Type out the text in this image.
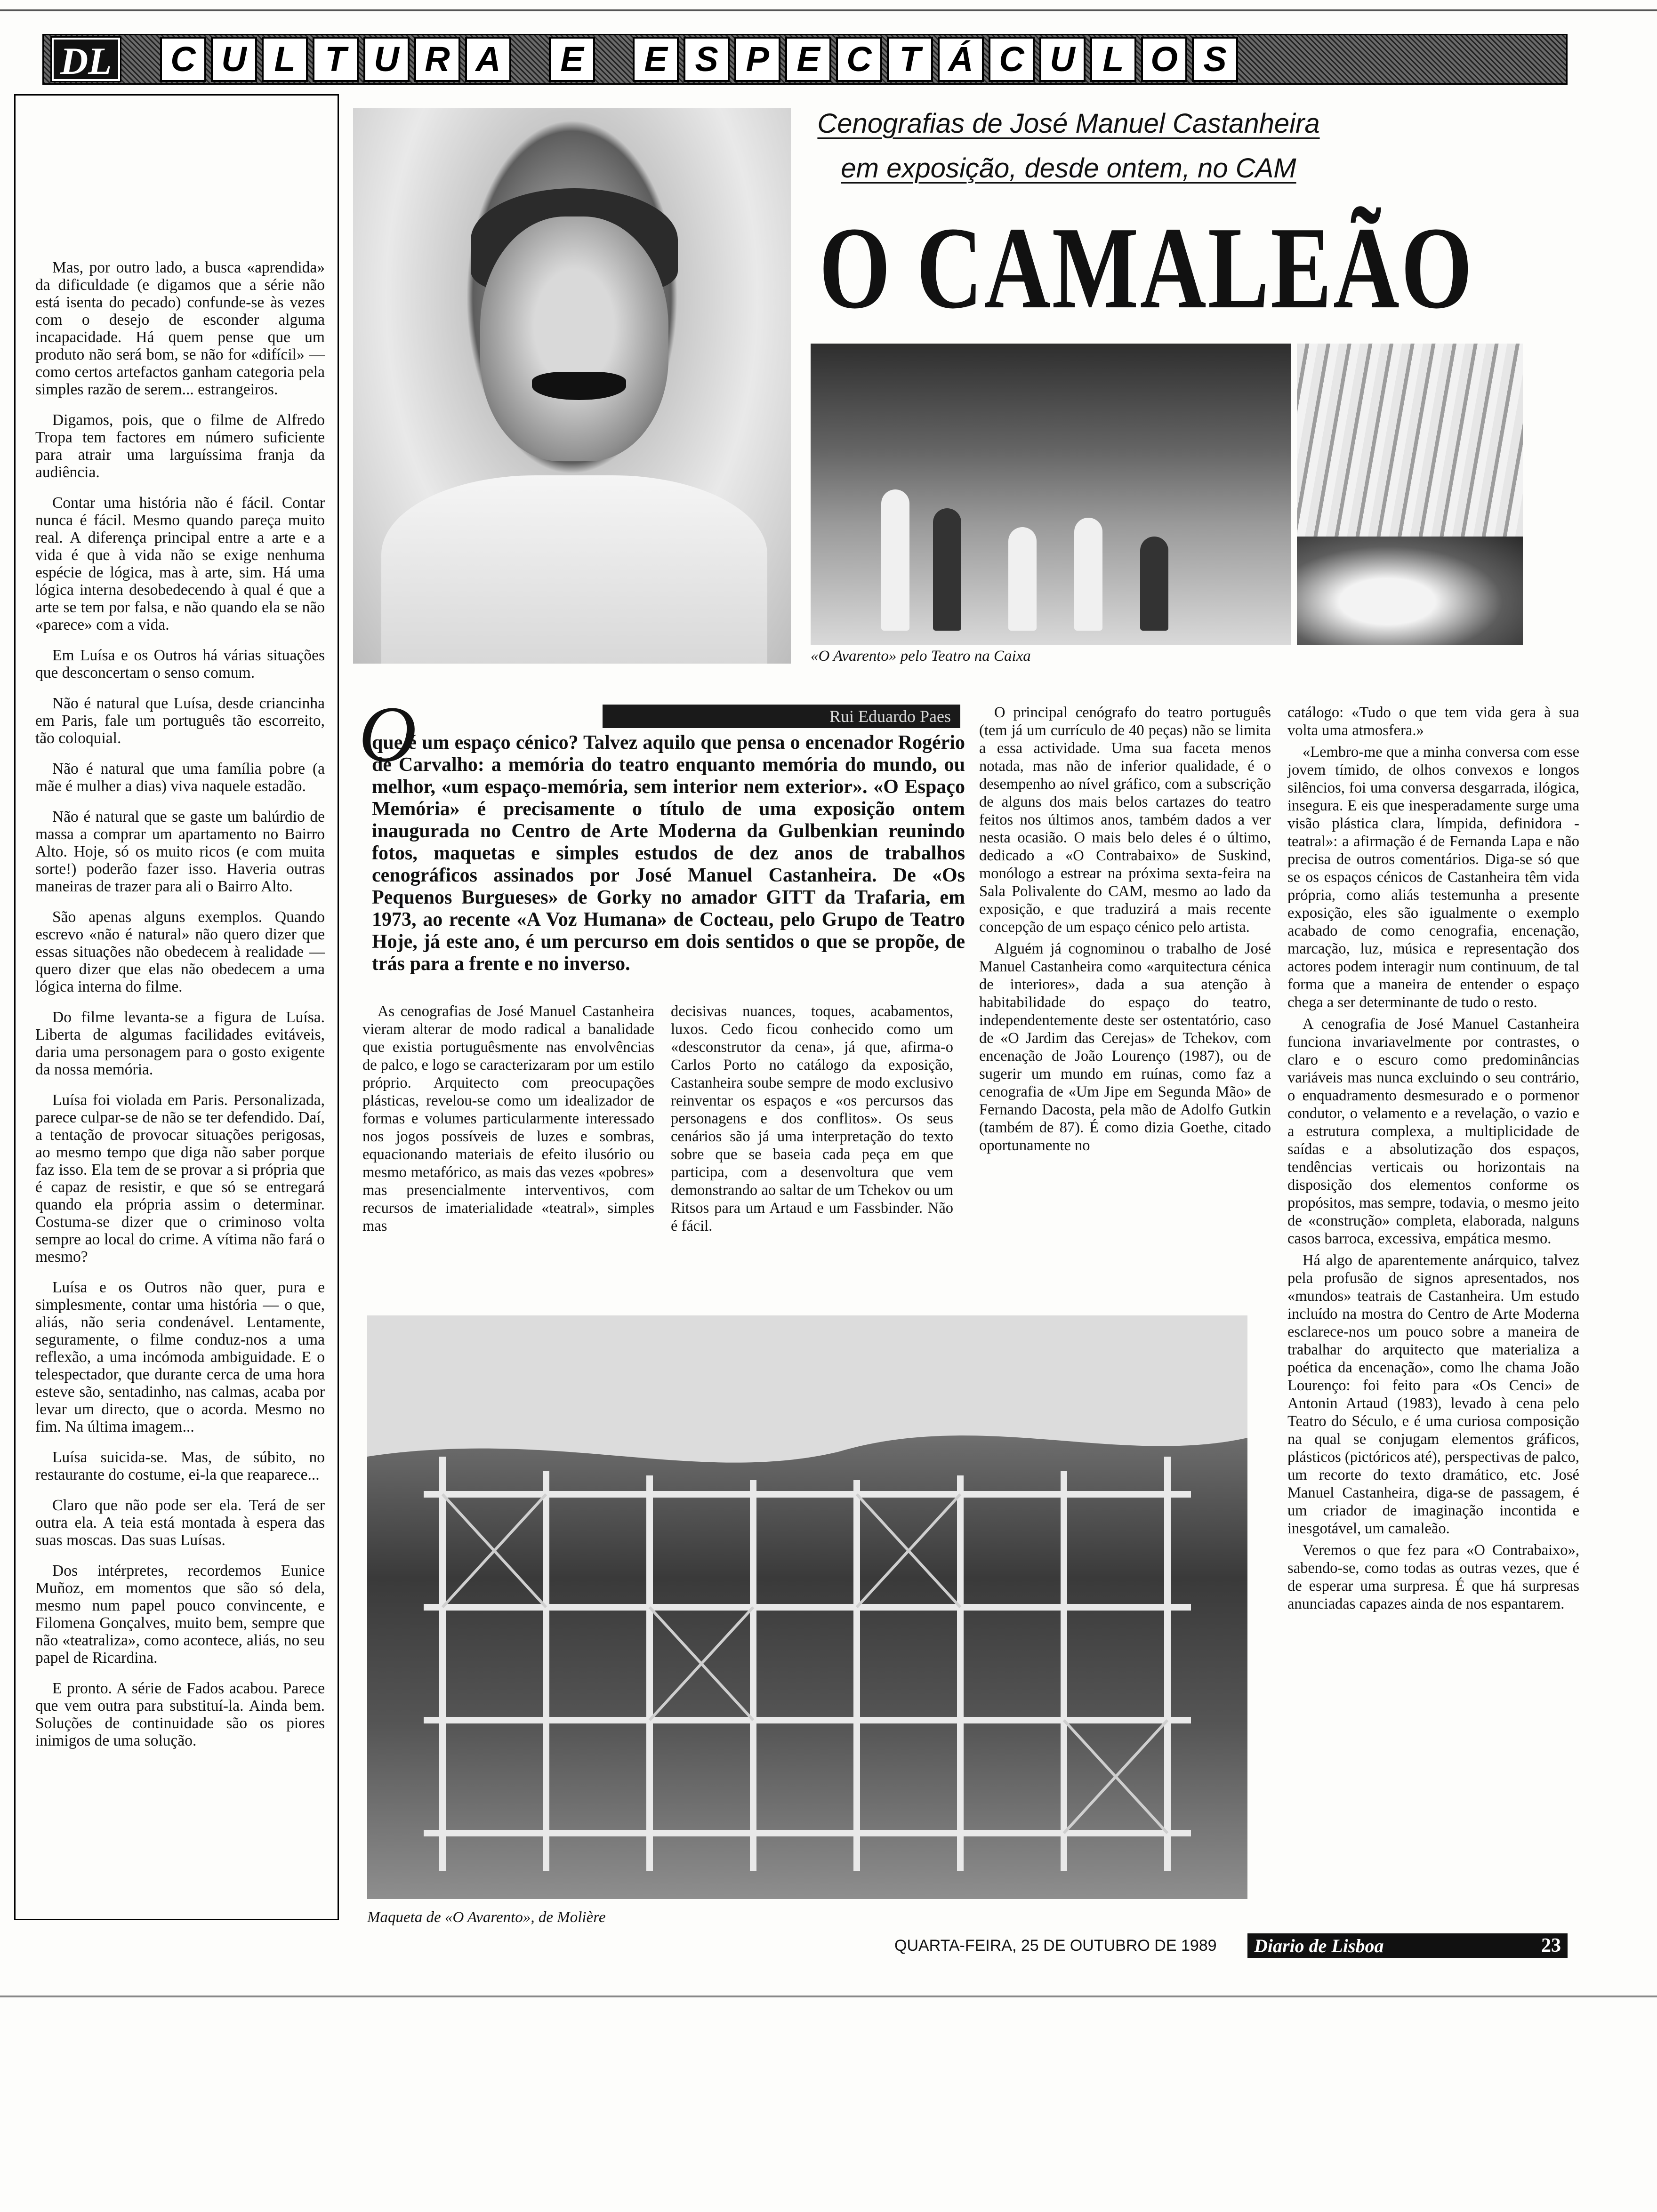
DL	C U L T U R A	E	E S P E C T Á C U L O S

Mas, por outro lado, a busca «aprendida» da dificuldade (e digamos que a série não está isenta do pecado) confunde-se às vezes com o desejo de esconder alguma incapacidade. Há quem pense que um produto não será bom, se não for «difícil» — como certos artefactos ganham categoria pela simples razão de serem... estrangeiros.

Digamos, pois, que o filme de Alfredo Tropa tem factores em número suficiente para atrair uma larguíssima franja da audiência.

Contar uma história não é fácil. Contar nunca é fácil. Mesmo quando pareça muito real. A diferença principal entre a arte e a vida é que à vida não se exige nenhuma espécie de lógica, mas à arte, sim. Há uma lógica interna desobedecendo à qual é que a arte se tem por falsa, e não quando ela se não «parece» com a vida.

Em Luísa e os Outros há várias situações que desconcertam o senso comum.

Não é natural que Luísa, desde criancinha em Paris, fale um português tão escorreito, tão coloquial.

Não é natural que uma família pobre (a mãe é mulher a dias) viva naquele estadão.

Não é natural que se gaste um balúrdio de massa a comprar um apartamento no Bairro Alto. Hoje, só os muito ricos (e com muita sorte!) poderão fazer isso. Haveria outras maneiras de trazer para ali o Bairro Alto.

São apenas alguns exemplos. Quando escrevo «não é natural» não quero dizer que essas situações não obedecem à realidade — quero dizer que elas não obedecem a uma lógica interna do filme.

Do filme levanta-se a figura de Luísa. Liberta de algumas facilidades evitáveis, daria uma personagem para o gosto exigente da nossa memória.

Luísa foi violada em Paris. Personalizada, parece culpar-se de não se ter defendido. Daí, a tentação de provocar situações perigosas, ao mesmo tempo que diga não saber porque faz isso. Ela tem de se provar a si própria que é capaz de resistir, e que só se entregará quando ela própria assim o determinar. Costuma-se dizer que o criminoso volta sempre ao local do crime. A vítima não fará o mesmo?

Luísa e os Outros não quer, pura e simplesmente, contar uma história — o que, aliás, não seria condenável. Lentamente, seguramente, o filme conduz-nos a uma reflexão, a uma incómoda ambiguidade. E o telespectador, que durante cerca de uma hora esteve são, sentadinho, nas calmas, acaba por levar um directo, que o acorda. Mesmo no fim. Na última imagem...

Luísa suicida-se. Mas, de súbito, no restaurante do costume, ei-la que reaparece...

Claro que não pode ser ela. Terá de ser outra ela. A teia está montada à espera das suas moscas. Das suas Luísas.

Dos intérpretes, recordemos Eunice Muñoz, em momentos que são só dela, mesmo num papel pouco convincente, e Filomena Gonçalves, muito bem, sempre que não «teatraliza», como acontece, aliás, no seu papel de Ricardina.

E pronto. A série de Fados acabou. Parece que vem outra para substituí-la. Ainda bem. Soluções de continuidade são os piores inimigos de uma solução.

Cenografias de José Manuel Castanheira
em exposição, desde ontem, no CAM
O CAMALEÃO
«O Avarento» pelo Teatro na Caixa
Rui Eduardo Paes
O
que é um espaço cénico? Talvez aquilo que pensa o encenador Rogério de Carvalho: a memória do teatro enquanto memória do mundo, ou melhor, «um espaço-memória, sem interior nem exterior». «O Espaço Memória» é precisamente o título de uma exposição ontem inaugurada no Centro de Arte Moderna da Gulbenkian reunindo fotos, maquetas e simples estudos de dez anos de trabalhos cenográficos assinados por José Manuel Castanheira. De «Os Pequenos Burgueses» de Gorky no amador GITT da Trafaria, em 1973, ao recente «A Voz Humana» de Cocteau, pelo Grupo de Teatro Hoje, já este ano, é um percurso em dois sentidos o que se propõe, de trás para a frente e no inverso.

As cenografias de José Manuel Castanheira vieram alterar de modo radical a banalidade que existia portuguêsmente nas envolvências de palco, e logo se caracterizaram por um estilo próprio. Arquitecto com preocupações plásticas, revelou-se como um idealizador de formas e volumes particularmente interessado nos jogos possíveis de luzes e sombras, equacionando materiais de efeito ilusório ou mesmo metafórico, as mais das vezes «pobres» mas presencialmente interventivos, com recursos de imaterialidade «teatral», simples mas

decisivas nuances, toques, acabamentos, luxos. Cedo ficou conhecido como um «desconstrutor da cena», já que, afirma-o Carlos Porto no catálogo da exposição, Castanheira soube sempre de modo exclusivo reinventar os espaços e «os percursos das personagens e dos conflitos». Os seus cenários são já uma interpretação do texto sobre que se baseia cada peça em que participa, com a desenvoltura que vem demonstrando ao saltar de um Tchekov ou um Ritsos para um Artaud e um Fassbinder. Não é fácil.

O principal cenógrafo do teatro português (tem já um currículo de 40 peças) não se limita a essa actividade. Uma sua faceta menos notada, mas não de inferior qualidade, é o desempenho ao nível gráfico, com a subscrição de alguns dos mais belos cartazes do teatro feitos nos últimos anos, também dados a ver nesta ocasião. O mais belo deles é o último, dedicado a «O Contrabaixo» de Suskind, monólogo a estrear na próxima sexta-feira na Sala Polivalente do CAM, mesmo ao lado da exposição, e que traduzirá a mais recente concepção de um espaço cénico pelo artista.

Alguém já cognominou o trabalho de José Manuel Castanheira como «arquitectura cénica de interiores», dada a sua atenção à habitabilidade do espaço do teatro, independentemente deste ser ostentatório, caso de «O Jardim das Cerejas» de Tchekov, com encenação de João Lourenço (1987), ou de sugerir um mundo em ruínas, como faz a cenografia de «Um Jipe em Segunda Mão» de Fernando Dacosta, pela mão de Adolfo Gutkin (também de 87). É como dizia Goethe, citado oportunamente no

catálogo: «Tudo o que tem vida gera à sua volta uma atmosfera.»

«Lembro-me que a minha conversa com esse jovem tímido, de olhos convexos e longos silêncios, foi uma conversa desgarrada, ilógica, insegura. E eis que inesperadamente surge uma visão plástica clara, límpida, definidora - teatral»: a afirmação é de Fernanda Lapa e não precisa de outros comentários. Diga-se só que se os espaços cénicos de Castanheira têm vida própria, como aliás testemunha a presente exposição, eles são igualmente o exemplo acabado de como cenografia, encenação, marcação, luz, música e representação dos actores podem interagir num continuum, de tal forma que a maneira de entender o espaço chega a ser determinante de tudo o resto.

A cenografia de José Manuel Castanheira funciona invariavelmente por contrastes, o claro e o escuro como predominâncias variáveis mas nunca excluindo o seu contrário, o enquadramento desmesurado e o pormenor condutor, o velamento e a revelação, o vazio e a estrutura complexa, a multiplicidade de saídas e a absolutização dos espaços, tendências verticais ou horizontais na disposição dos elementos conforme os propósitos, mas sempre, todavia, o mesmo jeito de «construção» completa, elaborada, nalguns casos barroca, excessiva, empática mesmo.

Há algo de aparentemente anárquico, talvez pela profusão de signos apresentados, nos «mundos» teatrais de Castanheira. Um estudo incluído na mostra do Centro de Arte Moderna esclarece-nos um pouco sobre a maneira de trabalhar do arquitecto que materializa a poética da encenação», como lhe chama João Lourenço: foi feito para «Os Cenci» de Antonin Artaud (1983), levado à cena pelo Teatro do Século, e é uma curiosa composição na qual se conjugam elementos gráficos, plásticos (pictóricos até), perspectivas de palco, um recorte do texto dramático, etc. José Manuel Castanheira, diga-se de passagem, é um criador de imaginação incontida e inesgotável, um camaleão.

Veremos o que fez para «O Contrabaixo», sabendo-se, como todas as outras vezes, que é de esperar uma surpresa. É que há surpresas anunciadas capazes ainda de nos espantarem.

Maqueta de «O Avarento», de Molière
QUARTA-FEIRA, 25 DE OUTUBRO DE 1989 Diario de Lisboa	23
